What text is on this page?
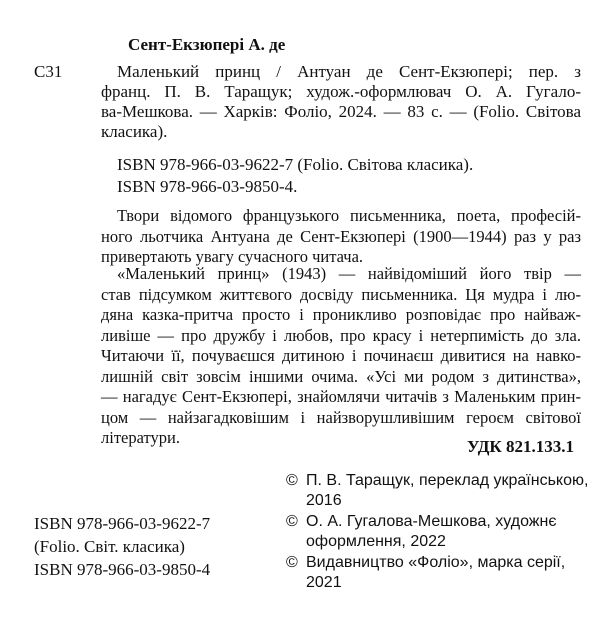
Сент-Екзюпері А. де
С31	Маленький принц / Антуан де Сент-Екзюпері; пер. з
франц. П. В. Таращук; худож.-оформлювач О. А. Гугало-
ва-Мешкова. — Харків: Фоліо, 2024. — 83 с. — (Folio. Світова
класика).
ISBN 978-966-03-9622-7 (Folio. Світова класика).
ISBN 978-966-03-9850-4.
Твори відомого французького письменника, поета, професій-
ного льотчика Антуана де Сент-Екзюпері (1900—1944) раз у раз
привертають увагу сучасного читача.
«Маленький принц» (1943) — найвідоміший його твір —
став підсумком життєвого досвіду письменника. Ця мудра і лю-
дяна казка-притча просто і проникливо розповідає про найваж-
ливіше — про дружбу і любов, про красу і нетерпимість до зла.
Читаючи її, почуваєшся дитиною і починаєш дивитися на навко-
лишній світ зовсім іншими очима. «Усі ми родом з дитинства»,
— нагадує Сент-Екзюпері, знайомлячи читачів з Маленьким прин-
цом — найзагадковішим і найзворушливішим героєм світової
літератури.	УДК 821.133.1
© П. В. Таращук, переклад українською,
2016
© О. А. Гугалова-Мешкова, художнє
оформлення, 2022
© Видавництво «Фоліо», марка серії,
2021
ISBN 978-966-03-9622-7
(Folio. Світ. класика)
ISBN 978-966-03-9850-4
